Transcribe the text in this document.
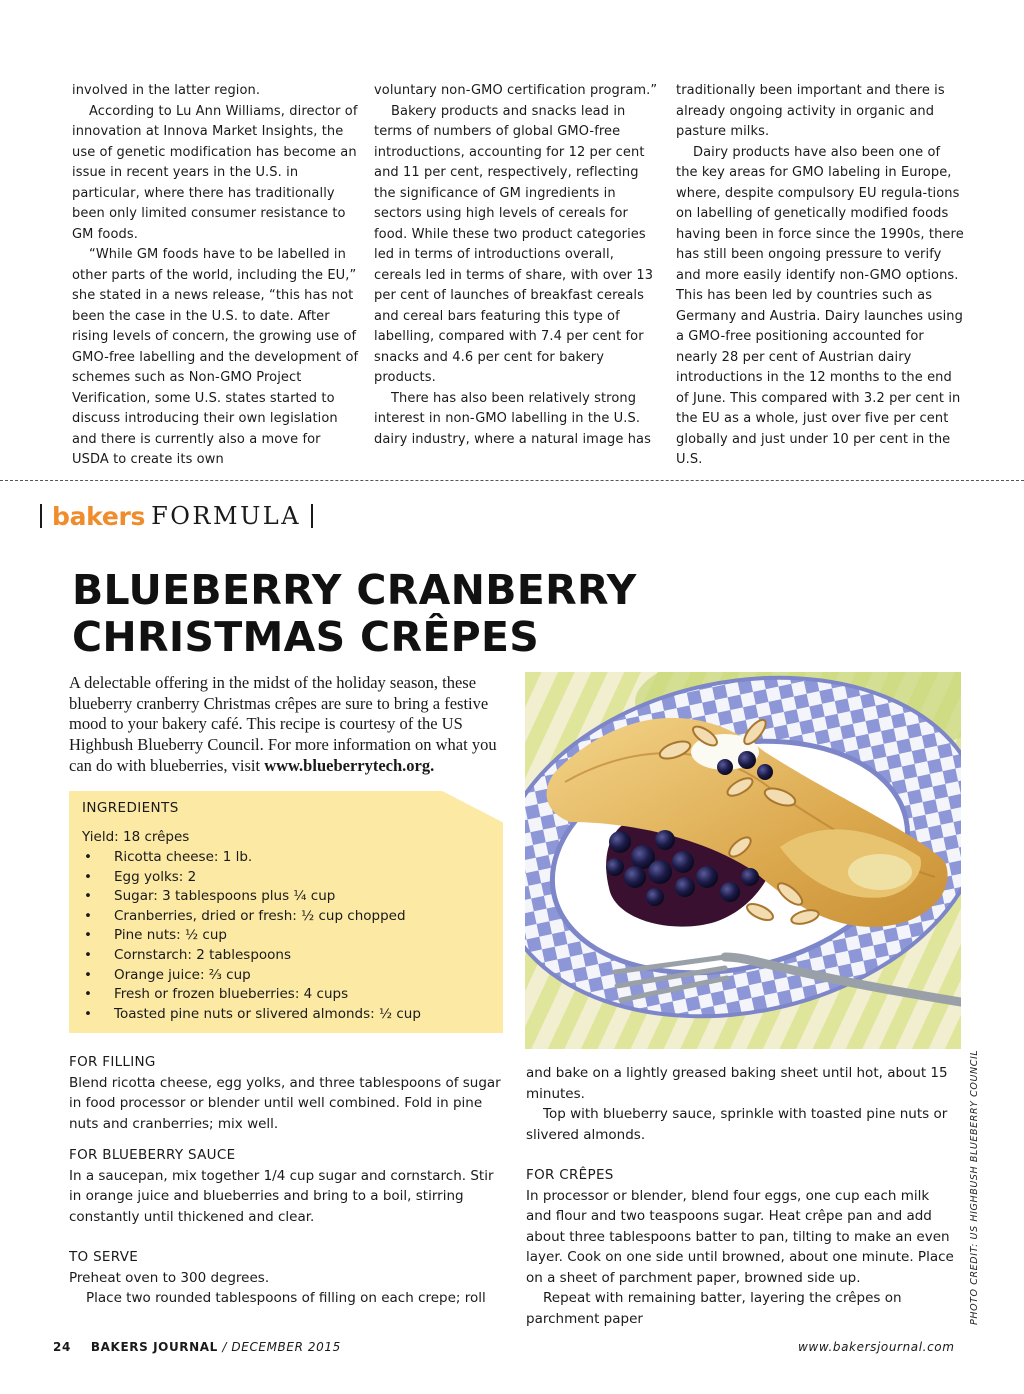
involved in the latter region.

According to Lu Ann Williams, director of innovation at Innova Market Insights, the use of genetic modification has become an issue in recent years in the U.S. in particular, where there has traditionally been only limited consumer resistance to GM foods.

“While GM foods have to be labelled in other parts of the world, including the EU,” she stated in a news release, “this has not been the case in the U.S. to date. After rising levels of concern, the growing use of GMO-free labelling and the development of schemes such as Non-GMO Project Verification, some U.S. states started to discuss introducing their own legislation and there is currently also a move for USDA to create its own

voluntary non-GMO certification program.”

Bakery products and snacks lead in terms of numbers of global GMO-free introductions, accounting for 12 per cent and 11 per cent, respectively, reflecting the significance of GM ingredients in sectors using high levels of cereals for food. While these two product categories led in terms of introductions overall, cereals led in terms of share, with over 13 per cent of launches of breakfast cereals and cereal bars featuring this type of labelling, compared with 7.4 per cent for snacks and 4.6 per cent for bakery products.

There has also been relatively strong interest in non-GMO labelling in the U.S. dairy industry, where a natural image has

traditionally been important and there is already ongoing activity in organic and pasture milks.

Dairy products have also been one of the key areas for GMO labeling in Europe, where, despite compulsory EU regula-tions on labelling of genetically modified foods having been in force since the 1990s, there has still been ongoing pressure to verify and more easily identify non-GMO options. This has been led by countries such as Germany and Austria. Dairy launches using a GMO-free positioning accounted for nearly 28 per cent of Austrian dairy introductions in the 12 months to the end of June. This compared with 3.2 per cent in the EU as a whole, just over five per cent globally and just under 10 per cent in the U.S.

bakers FORMULA
BLUEBERRY CRANBERRY
CHRISTMAS CRÊPES

A delectable offering in the midst of the holiday season, these blueberry cranberry Christmas crêpes are sure to bring a festive mood to your bakery café. This recipe is courtesy of the US Highbush Blueberry Council. For more information on what you can do with blueberries, visit www.blueberrytech.org.

INGREDIENTS
Yield: 18 crêpes
• Ricotta cheese: 1 lb.
• Egg yolks: 2
• Sugar: 3 tablespoons plus ¼ cup
• Cranberries, dried or fresh: ½ cup chopped
• Pine nuts: ½ cup
• Cornstarch: 2 tablespoons
• Orange juice: ⅔ cup
• Fresh or frozen blueberries: 4 cups
• Toasted pine nuts or slivered almonds: ½ cup
PHOTO CREDIT: US HIGHBUSH BLUEBERRY COUNCIL
FOR FILLING

Blend ricotta cheese, egg yolks, and three tablespoons of sugar in food processor or blender until well combined. Fold in pine nuts and cranberries; mix well.

FOR BLUEBERRY SAUCE

In a saucepan, mix together 1/4 cup sugar and cornstarch. Stir in orange juice and blueberries and bring to a boil, stirring constantly until thickened and clear.

TO SERVE

Preheat oven to 300 degrees.

Place two rounded tablespoons of filling on each crepe; roll

and bake on a lightly greased baking sheet until hot, about 15 minutes.

Top with blueberry sauce, sprinkle with toasted pine nuts or slivered almonds.

FOR CRÊPES

In processor or blender, blend four eggs, one cup each milk and flour and two teaspoons sugar. Heat crêpe pan and add about three tablespoons batter to pan, tilting to make an even layer. Cook on one side until browned, about one minute. Place on a sheet of parchment paper, browned side up.

Repeat with remaining batter, layering the crêpes on parchment paper

24 BAKERS JOURNAL / DECEMBER 2015	www.bakersjournal.com
